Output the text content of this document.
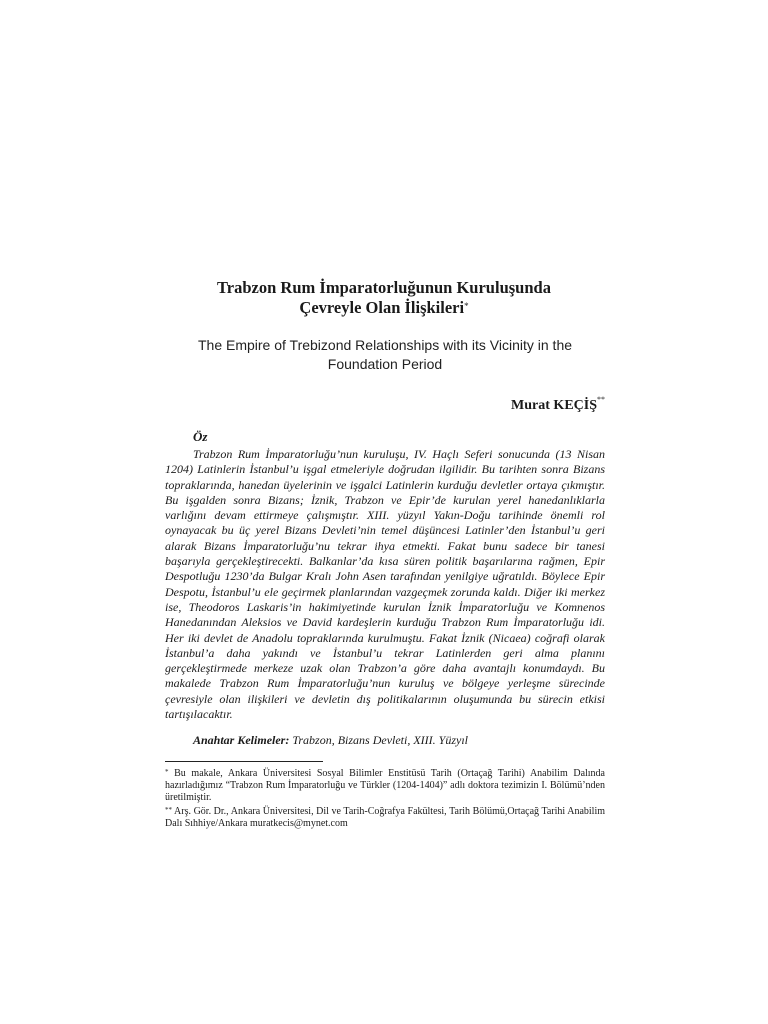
Trabzon Rum İmparatorluğunun Kuruluşunda
Çevreyle Olan İlişkileri*
The Empire of Trebizond Relationships with its Vicinity in the
Foundation Period
Murat KEÇİŞ**
Öz

Trabzon Rum İmparatorluğu’nun kuruluşu, IV. Haçlı Seferi sonucunda (13 Nisan 1204) Latinlerin İstanbul’u işgal etmeleriyle doğrudan ilgilidir. Bu tarihten sonra Bizans topraklarında, hanedan üyelerinin ve işgalci Latinlerin kurduğu devletler ortaya çıkmıştır. Bu işgalden sonra Bizans; İznik, Trabzon ve Epir’de kurulan yerel hanedanlıklarla varlığını devam ettirmeye çalışmıştır. XIII. yüzyıl Yakın-Doğu tarihinde önemli rol oynayacak bu üç yerel Bizans Devleti’nin temel düşüncesi Latinler’den İstanbul’u geri alarak Bizans İmparatorluğu’nu tekrar ihya etmekti. Fakat bunu sadece bir tanesi başarıyla gerçekleştirecekti. Balkanlar’da kısa süren politik başarılarına rağmen, Epir Despotluğu 1230’da Bulgar Kralı John Asen tarafından yenilgiye uğratıldı. Böylece Epir Despotu, İstanbul’u ele geçirmek planlarından vazgeçmek zorunda kaldı. Diğer iki merkez ise, Theodoros Laskaris’in hakimiyetinde kurulan İznik İmparatorluğu ve Komnenos Hanedanından Aleksios ve David kardeşlerin kurduğu Trabzon Rum İmparatorluğu idi. Her iki devlet de Anadolu topraklarında kurulmuştu. Fakat İznik (Nicaea) coğrafi olarak İstanbul’a daha yakındı ve İstanbul’u tekrar Latinlerden geri alma planını gerçekleştirmede merkeze uzak olan Trabzon’a göre daha avantajlı konumdaydı. Bu makalede Trabzon Rum İmparatorluğu’nun kuruluş ve bölgeye yerleşme sürecinde çevresiyle olan ilişkileri ve devletin dış politikalarının oluşumunda bu sürecin etkisi tartışılacaktır.

Anahtar Kelimeler: Trabzon, Bizans Devleti, XIII. Yüzyıl

* Bu makale, Ankara Üniversitesi Sosyal Bilimler Enstitüsü Tarih (Ortaçağ Tarihi) Anabilim Dalında hazırladığımız “Trabzon Rum İmparatorluğu ve Türkler (1204-1404)” adlı doktora tezimizin I. Bölümü’nden üretilmiştir.

** Arş. Gör. Dr., Ankara Üniversitesi, Dil ve Tarih-Coğrafya Fakültesi, Tarih Bölümü,Ortaçağ Tarihi Anabilim Dalı Sıhhiye/Ankara muratkecis@mynet.com
